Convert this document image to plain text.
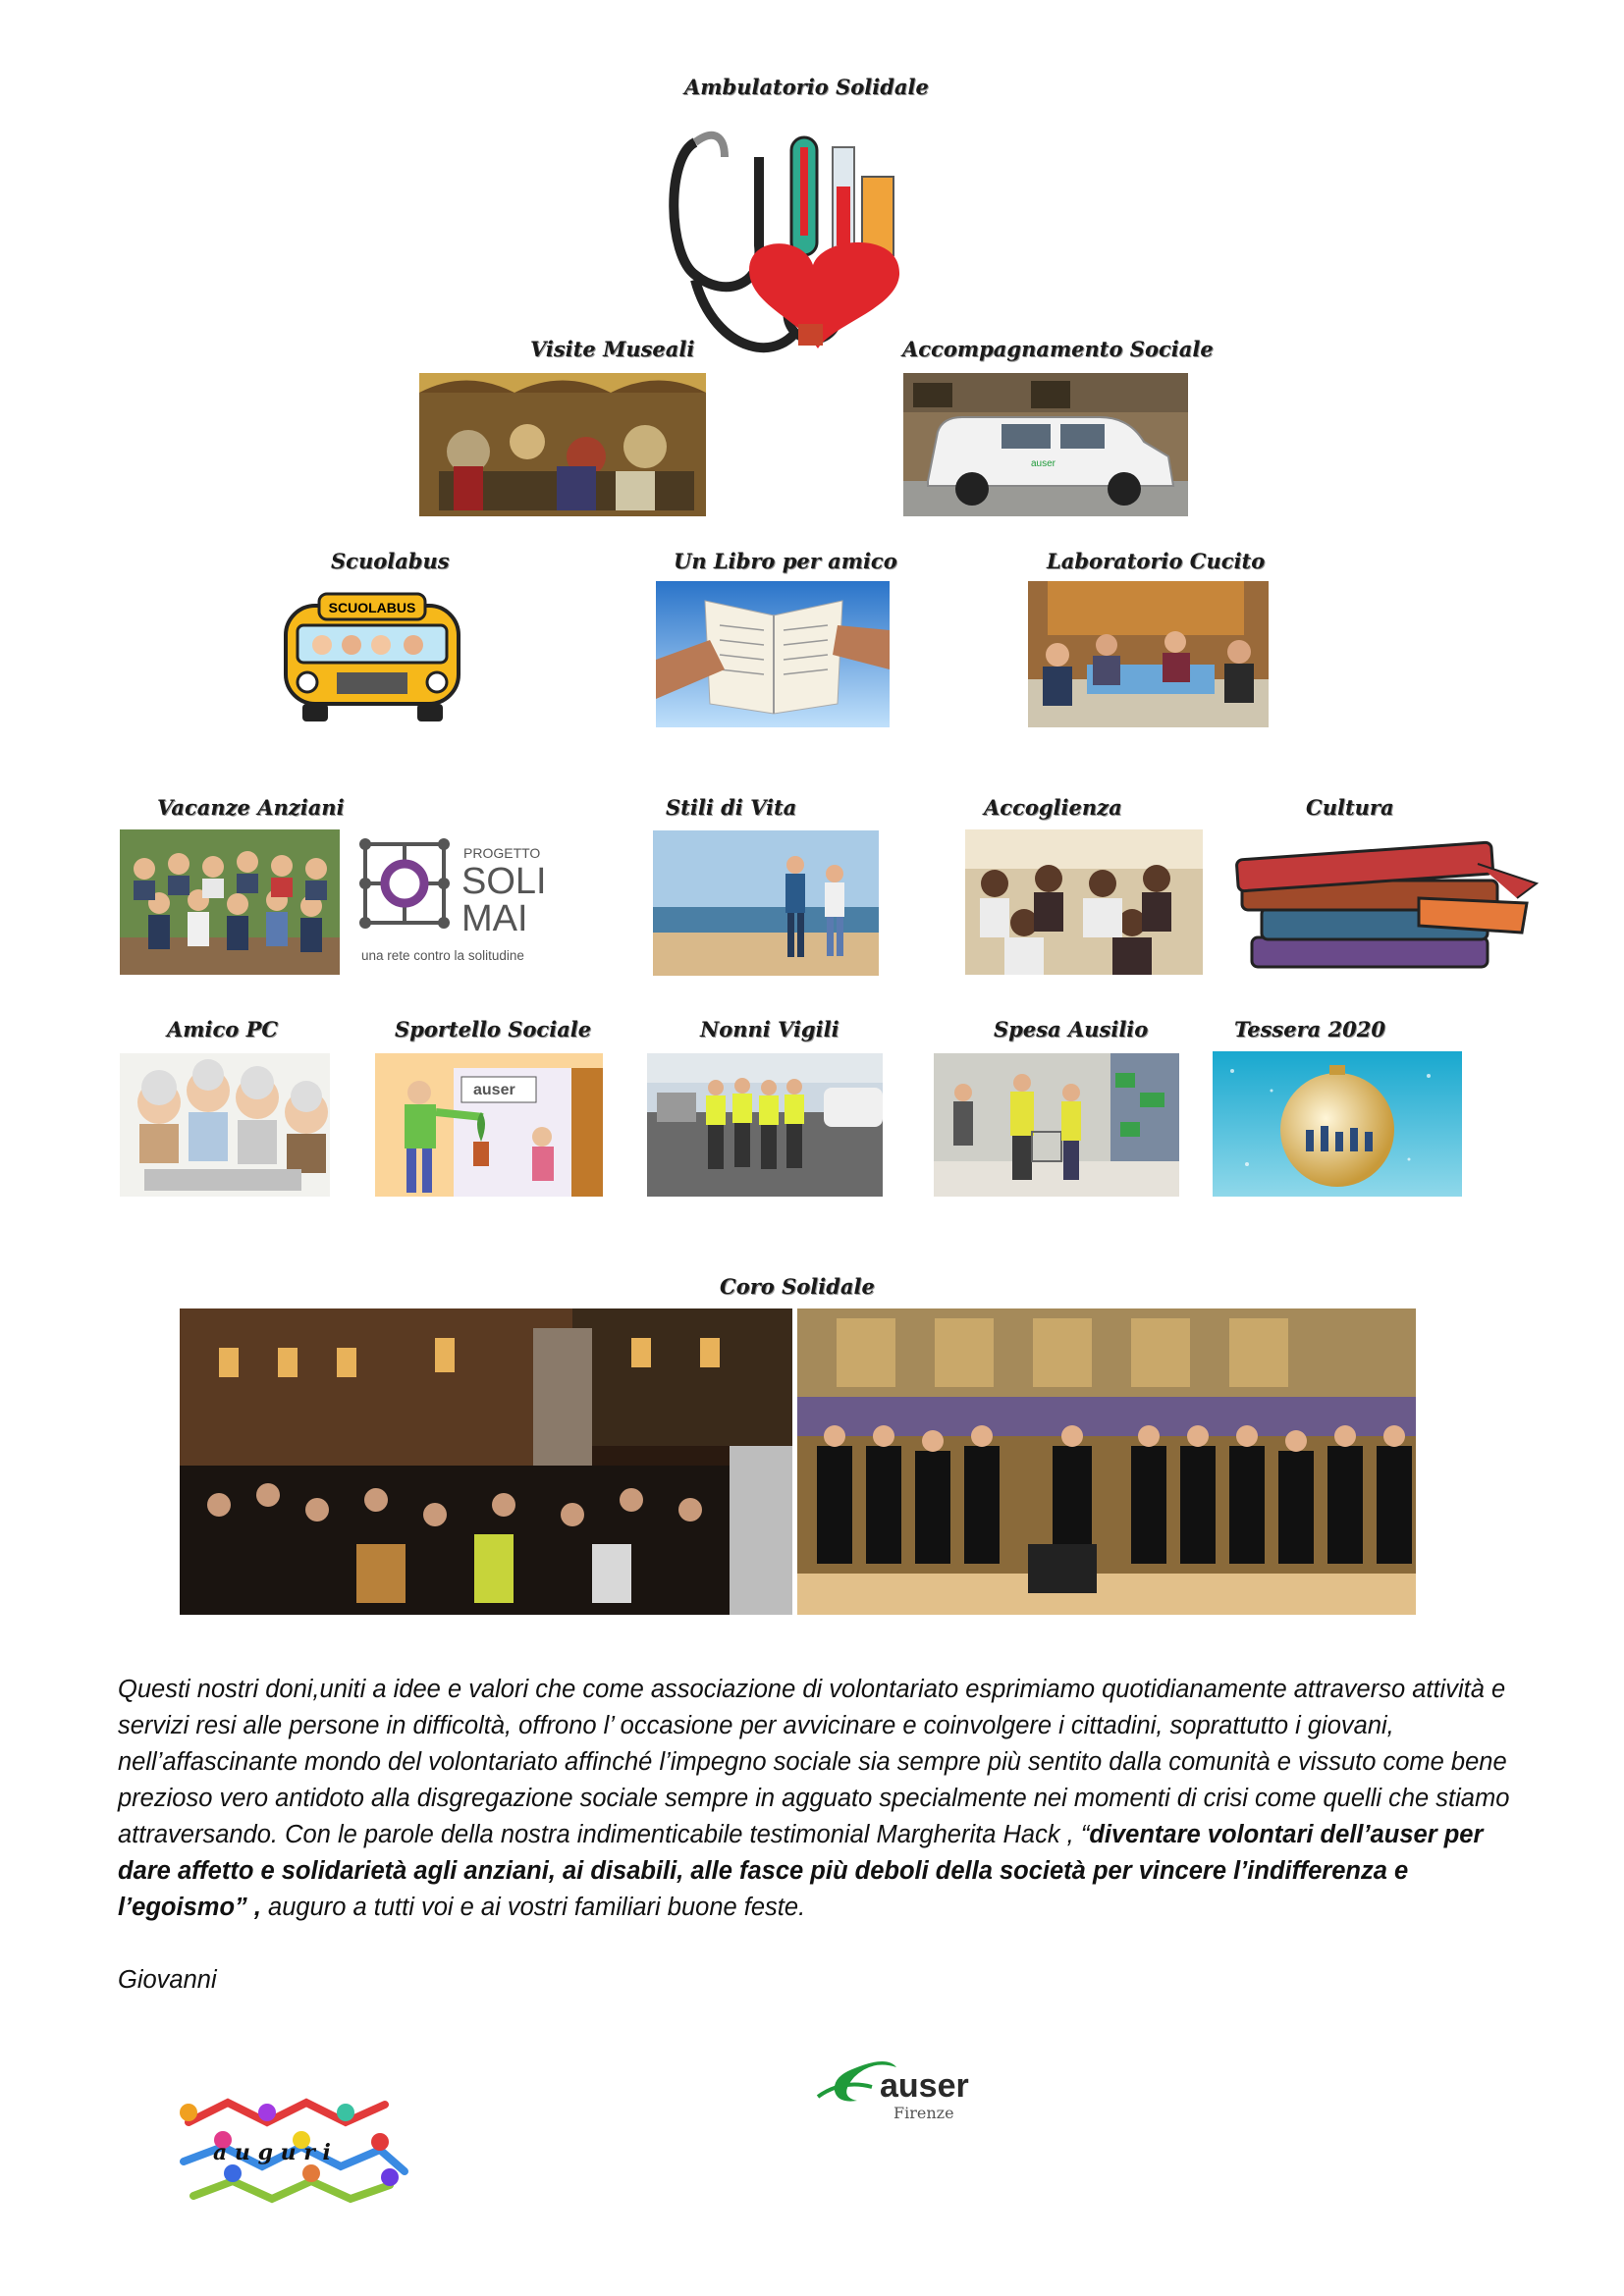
Ambulatorio Solidale
Visite Museali	Accompagnamento Sociale
auser
Scuolabus
SCUOLABUS
Un Libro per amico	Laboratorio Cucito
Vacanze Anziani
PROGETTO
SOLI
MAI
una rete contro la solitudine
Stili di Vita	Accoglienza	Cultura
Amico PC	Sportello Sociale
auser
Nonni Vigili	Spesa Ausilio	Tessera 2020
Coro Solidale
Questi nostri doni,uniti a idee e valori che come associazione di volontariato esprimiamo quotidianamente attraverso attività e servizi resi alle persone in difficoltà, offrono l’ occasione per avvicinare e coinvolgere i cittadini, soprattutto i giovani, nell’affascinante mondo del volontariato affinché l’impegno sociale sia sempre più sentito dalla comunità e vissuto come bene prezioso vero antidoto alla disgregazione sociale sempre in agguato specialmente nei momenti di crisi come quelli che stiamo attraversando. Con le parole della nostra indimenticabile testimonial Margherita Hack , “diventare volontari dell’auser per dare affetto e solidarietà agli anziani, ai disabili, alle fasce più deboli della società per vincere l’indifferenza e l’egoismo” , auguro a tutti voi e ai vostri familiari buone feste.
Giovanni
a u g u r i
auser
Firenze
